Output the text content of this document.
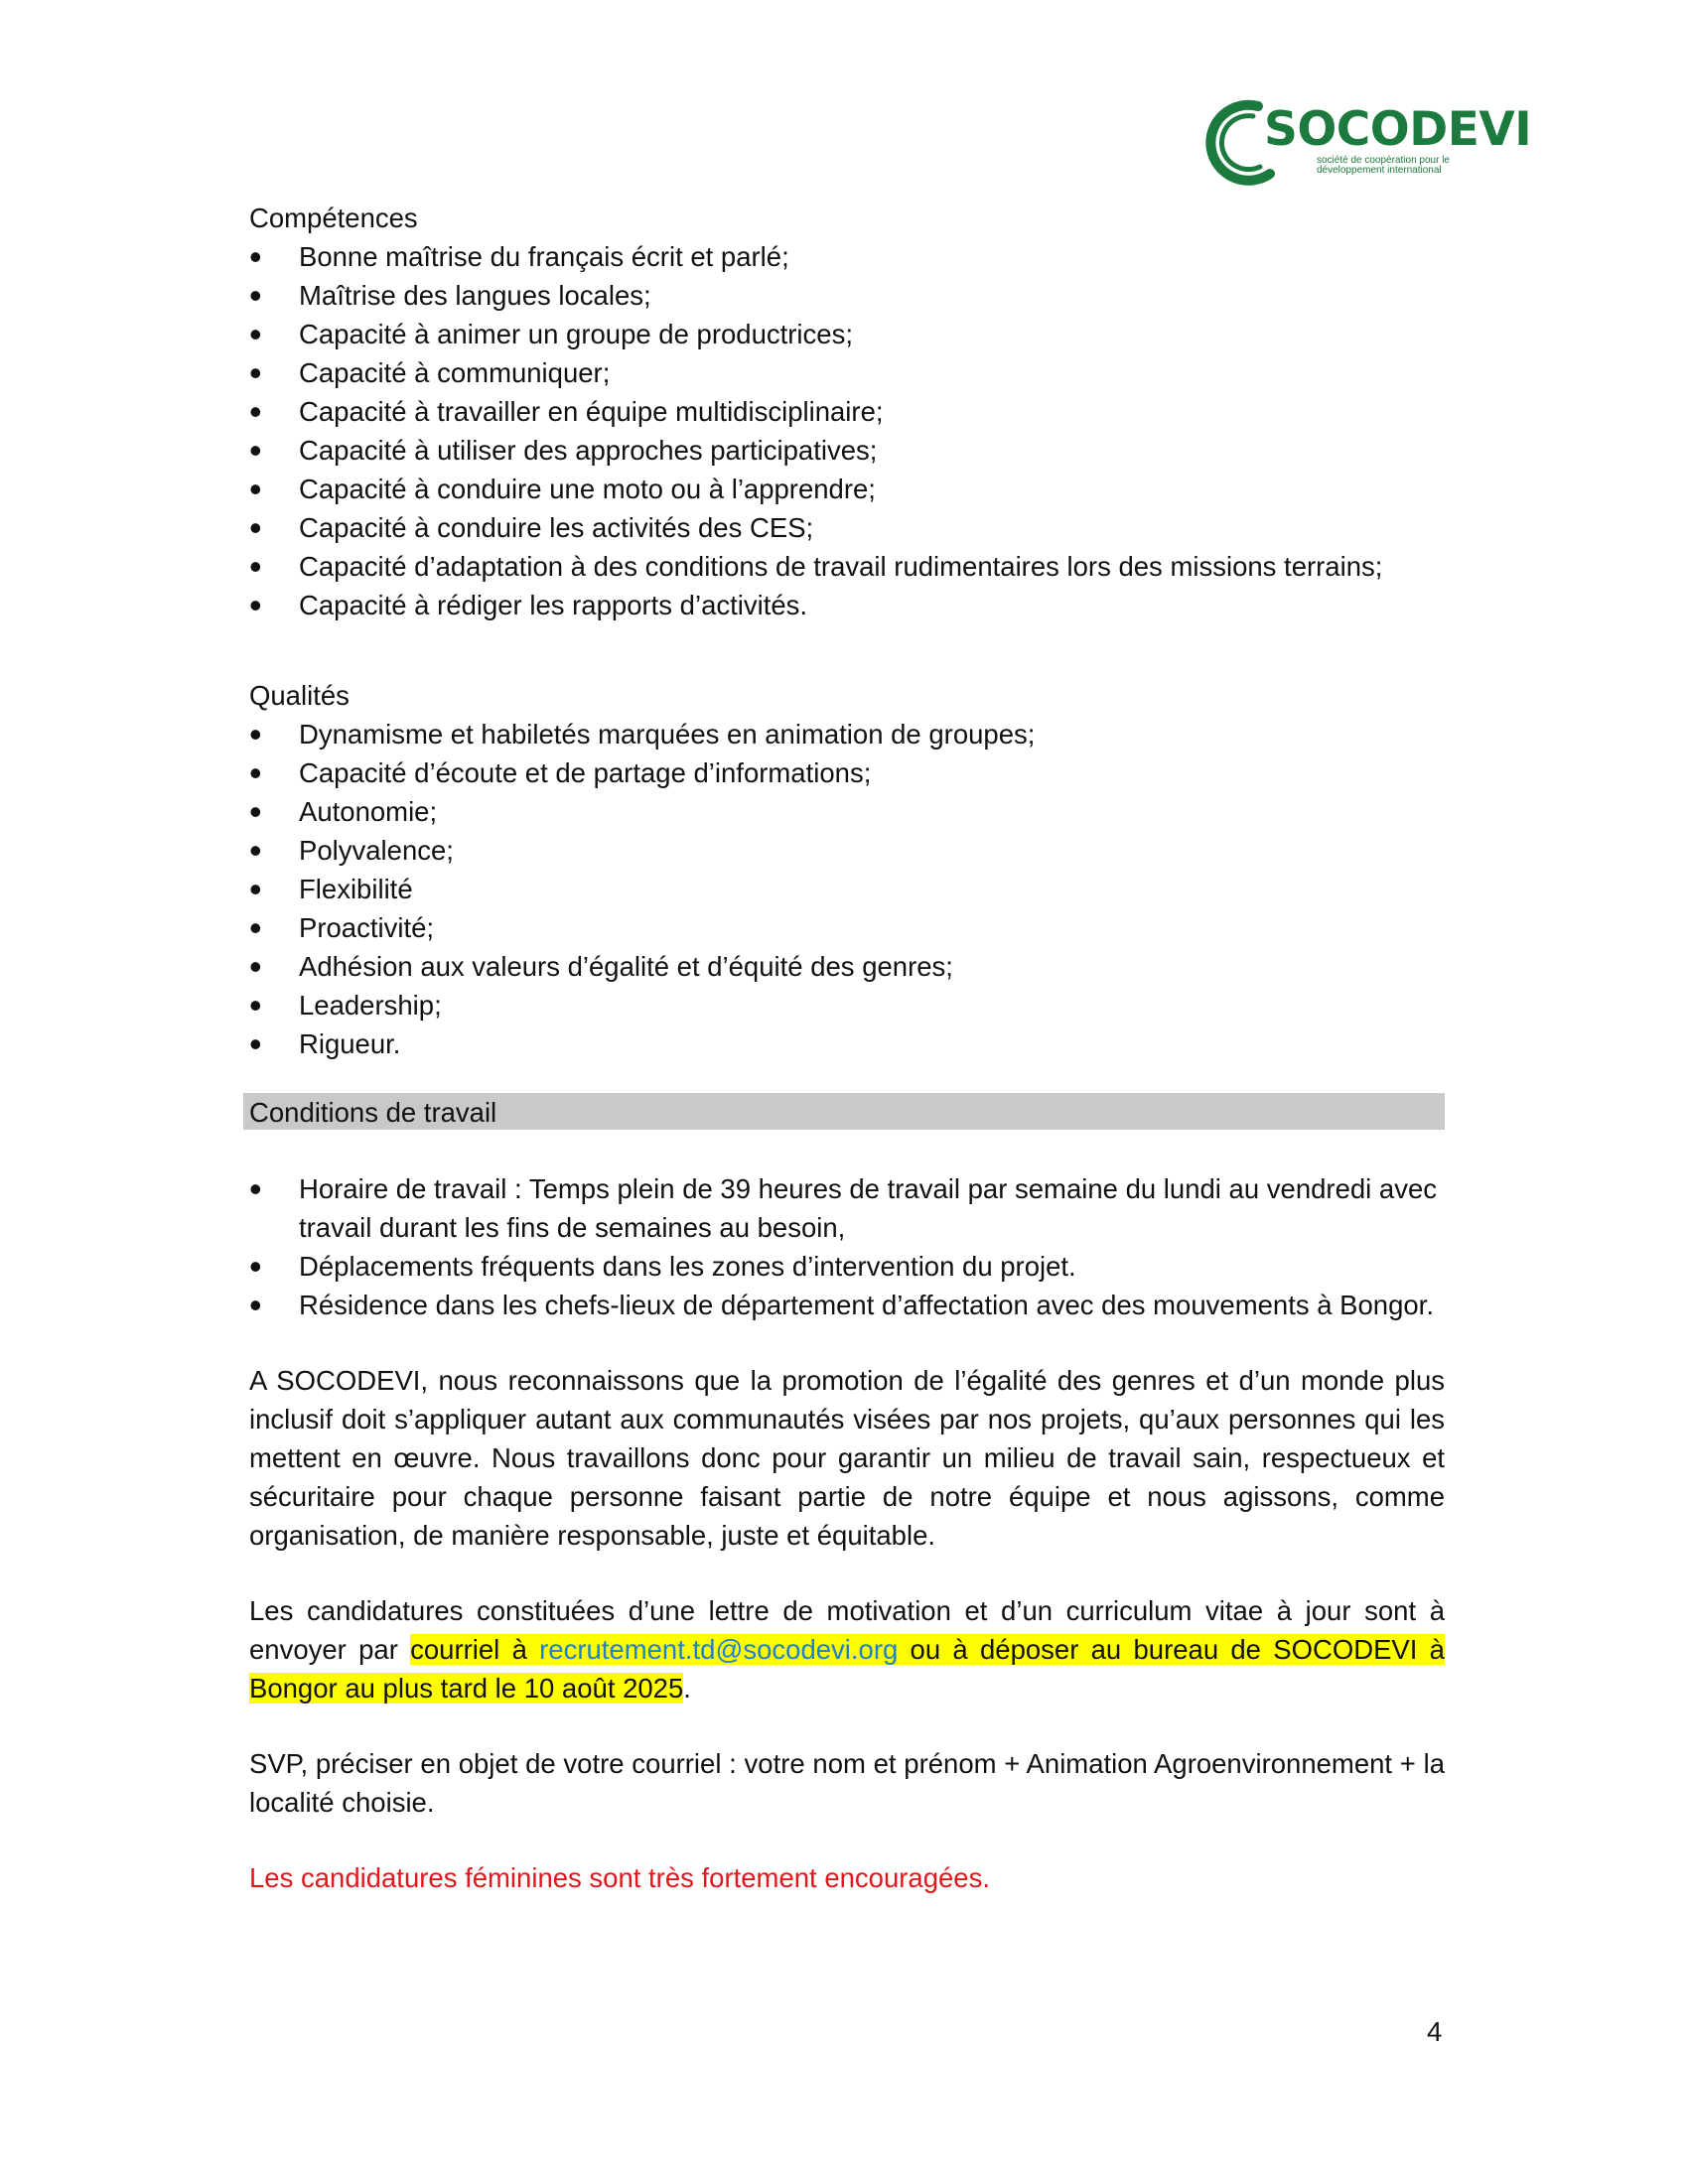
SOCODEVI
société de coopération pour le développement international
Compétences
• Bonne maîtrise du français écrit et parlé;
• Maîtrise des langues locales;
• Capacité à animer un groupe de productrices;
• Capacité à communiquer;
• Capacité à travailler en équipe multidisciplinaire;
• Capacité à utiliser des approches participatives;
• Capacité à conduire une moto ou à l’apprendre;
• Capacité à conduire les activités des CES;
• Capacité d’adaptation à des conditions de travail rudimentaires lors des missions terrains;
• Capacité à rédiger les rapports d’activités.
Qualités
• Dynamisme et habiletés marquées en animation de groupes;
• Capacité d’écoute et de partage d’informations;
• Autonomie;
• Polyvalence;
• Flexibilité
• Proactivité;
• Adhésion aux valeurs d’égalité et d’équité des genres;
• Leadership;
• Rigueur.
Conditions de travail
• Horaire de travail : Temps plein de 39 heures de travail par semaine du lundi au vendredi avec travail durant les fins de semaines au besoin,
• Déplacements fréquents dans les zones d’intervention du projet.
• Résidence dans les chefs-lieux de département d’affectation avec des mouvements à Bongor.

A SOCODEVI, nous reconnaissons que la promotion de l’égalité des genres et d’un monde plus inclusif doit s’appliquer autant aux communautés visées par nos projets, qu’aux personnes qui les mettent en œuvre. Nous travaillons donc pour garantir un milieu de travail sain, respectueux et sécuritaire pour chaque personne faisant partie de notre équipe et nous agissons, comme organisation, de manière responsable, juste et équitable.

Les candidatures constituées d’une lettre de motivation et d’un curriculum vitae à jour sont à envoyer par courriel à recrutement.td@socodevi.org ou à déposer au bureau de SOCODEVI à Bongor au plus tard le 10 août 2025.

SVP, préciser en objet de votre courriel : votre nom et prénom + Animation Agroenvironnement + la localité choisie.

Les candidatures féminines sont très fortement encouragées.

4
